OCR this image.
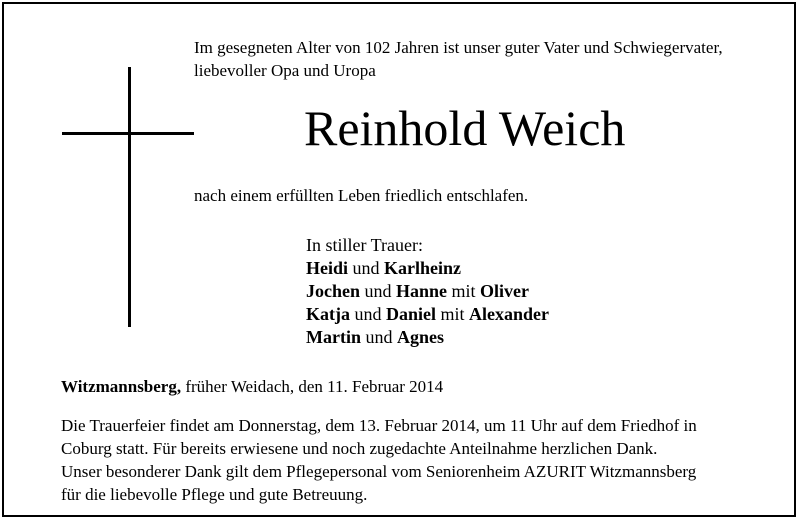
Im gesegneten Alter von 102 Jahren ist unser guter Vater und Schwiegervater,
liebevoller Opa und Uropa
Reinhold Weich
nach einem erfüllten Leben friedlich entschlafen.
In stiller Trauer:
Heidi und Karlheinz
Jochen und Hanne mit Oliver
Katja und Daniel mit Alexander
Martin und Agnes
Witzmannsberg, früher Weidach, den 11. Februar 2014
Die Trauerfeier findet am Donnerstag, dem 13. Februar 2014, um 11 Uhr auf dem Friedhof in
Coburg statt. Für bereits erwiesene und noch zugedachte Anteilnahme herzlichen Dank.
Unser besonderer Dank gilt dem Pflegepersonal vom Seniorenheim AZURIT Witzmannsberg
für die liebevolle Pflege und gute Betreuung.
